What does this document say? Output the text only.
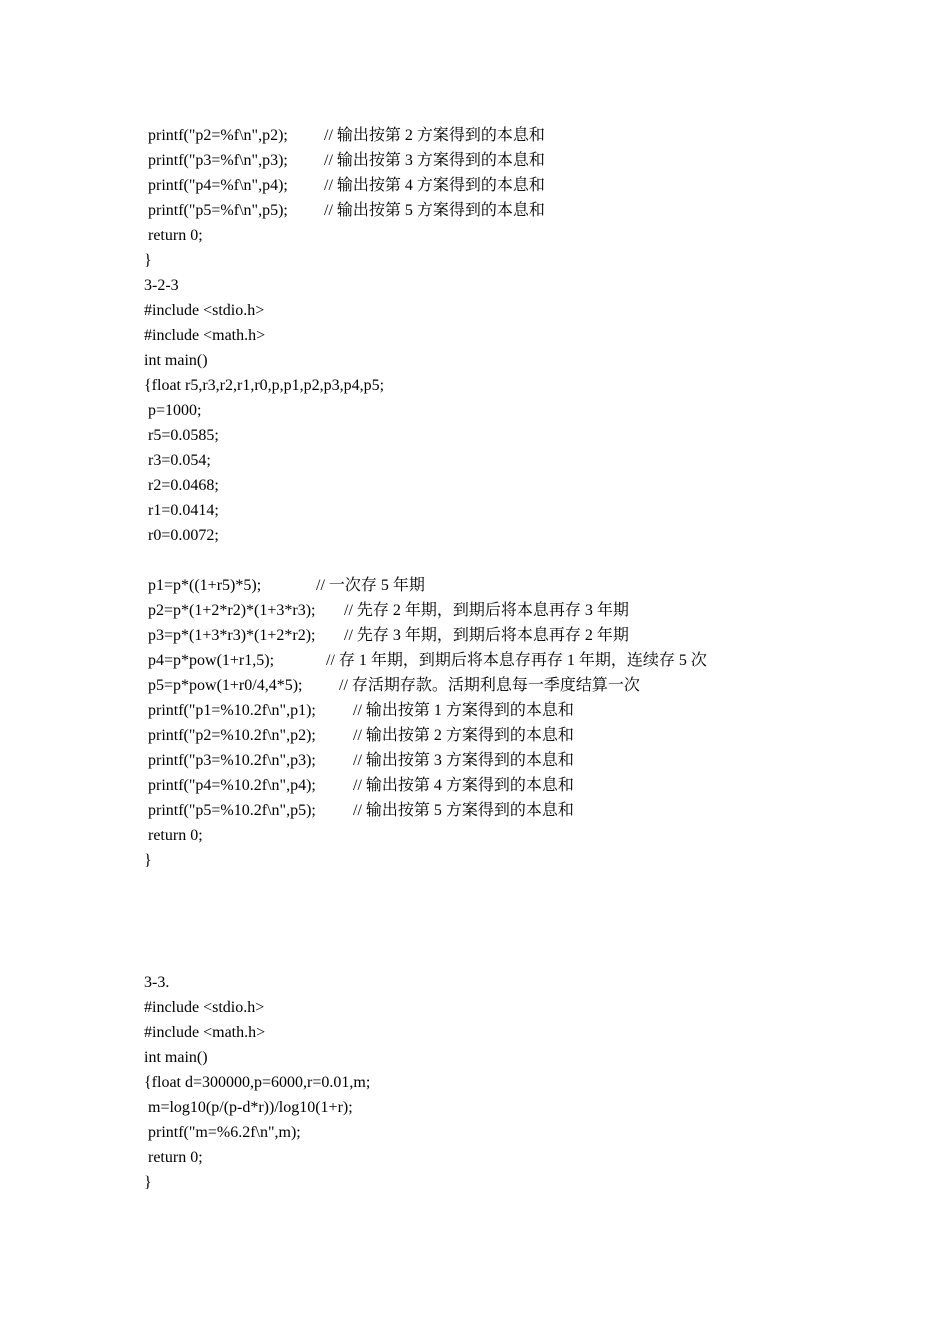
printf("p2=%f\n",p2); // 输出按第 2 方案得到的本息和
printf("p3=%f\n",p3); // 输出按第 3 方案得到的本息和
printf("p4=%f\n",p4); // 输出按第 4 方案得到的本息和
printf("p5=%f\n",p5); // 输出按第 5 方案得到的本息和
return 0;
}
3-2-3
#include <stdio.h>
#include <math.h>
int main()
{float r5,r3,r2,r1,r0,p,p1,p2,p3,p4,p5;
p=1000;
r5=0.0585;
r3=0.054;
r2=0.0468;
r1=0.0414;
r0=0.0072;
p1=p*((1+r5)*5);	// 一次存 5 年期
p2=p*(1+2*r2)*(1+3*r3); // 先存 2 年期，到期后将本息再存 3 年期
p3=p*(1+3*r3)*(1+2*r2); // 先存 3 年期，到期后将本息再存 2 年期
p4=p*pow(1+r1,5);	// 存 1 年期，到期后将本息存再存 1 年期，连续存 5 次
p5=p*pow(1+r0/4,4*5); // 存活期存款。活期利息每一季度结算一次
printf("p1=%10.2f\n",p1); // 输出按第 1 方案得到的本息和
printf("p2=%10.2f\n",p2); // 输出按第 2 方案得到的本息和
printf("p3=%10.2f\n",p3); // 输出按第 3 方案得到的本息和
printf("p4=%10.2f\n",p4); // 输出按第 4 方案得到的本息和
printf("p5=%10.2f\n",p5); // 输出按第 5 方案得到的本息和
return 0;
}
3-3.
#include <stdio.h>
#include <math.h>
int main()
{float d=300000,p=6000,r=0.01,m;
m=log10(p/(p-d*r))/log10(1+r);
printf("m=%6.2f\n",m);
return 0;
}
